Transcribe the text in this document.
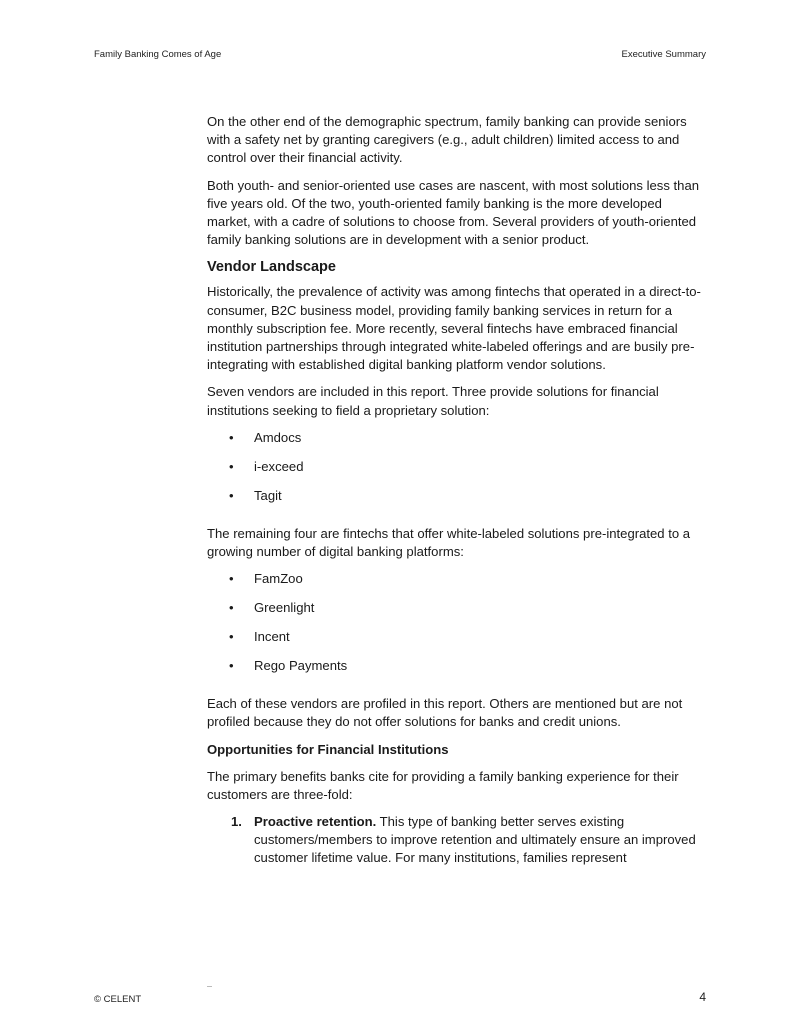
Family Banking Comes of Age	Executive Summary

On the other end of the demographic spectrum, family banking can provide seniors with a safety net by granting caregivers (e.g., adult children) limited access to and control over their financial activity.

Both youth- and senior-oriented use cases are nascent, with most solutions less than five years old. Of the two, youth-oriented family banking is the more developed market, with a cadre of solutions to choose from. Several providers of youth-oriented family banking solutions are in development with a senior product.

Vendor Landscape

Historically, the prevalence of activity was among fintechs that operated in a direct-to-consumer, B2C business model, providing family banking services in return for a monthly subscription fee. More recently, several fintechs have embraced financial institution partnerships through integrated white-labeled offerings and are busily pre-integrating with established digital banking platform vendor solutions.

Seven vendors are included in this report. Three provide solutions for financial institutions seeking to field a proprietary solution:

• Amdocs
• i-exceed
• Tagit

The remaining four are fintechs that offer white-labeled solutions pre-integrated to a growing number of digital banking platforms:

• FamZoo
• Greenlight
• Incent
• Rego Payments

Each of these vendors are profiled in this report. Others are mentioned but are not profiled because they do not offer solutions for banks and credit unions.

Opportunities for Financial Institutions

The primary benefits banks cite for providing a family banking experience for their customers are three-fold:

1. Proactive retention. This type of banking better serves existing customers/members to improve retention and ultimately ensure an improved customer lifetime value. For many institutions, families represent
© CELENT	4
